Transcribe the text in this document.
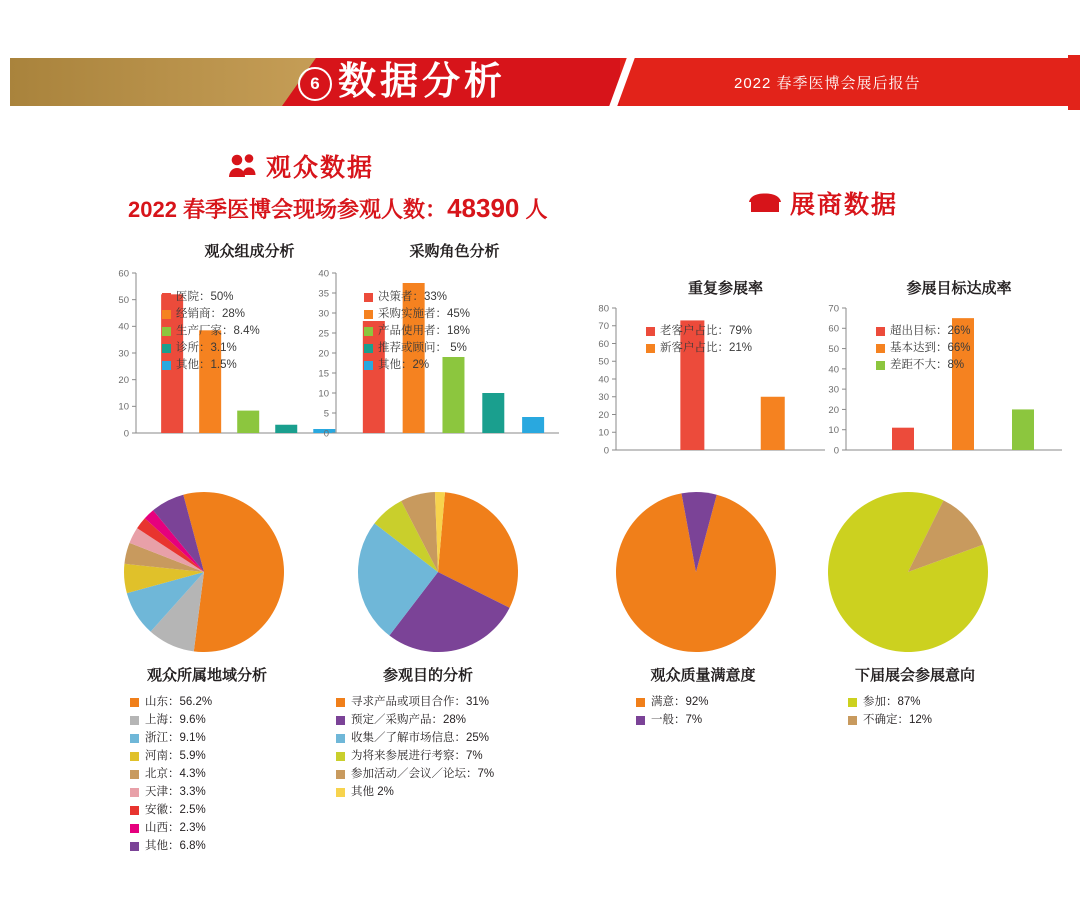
6 数据分析	2022 春季医博会展后报告
观众数据
展商数据
2022 春季医博会现场参观人数：48390 人
观众组成分析
0
10
20
30
40
50
60
医院：50%
经销商：28%
生产厂家：8.4%
诊所：3.1%
其他：1.5%
采购角色分析
0
5
10
15
20
25
30
35
40
决策者：33%
采购实施者：45%
产品使用者：18%
推荐或顾问： 5%
其他：2%
重复参展率
0
10
20
30
40
50
60
70
80
老客户占比：79%
新客户占比：21%
参展目标达成率
0
10
20
30
40
50
60
70
超出目标：26%
基本达到：66%
差距不大：8%
观众所属地域分析
山东：56.2%
上海：9.6%
浙江：9.1%
河南：5.9%
北京：4.3%
天津：3.3%
安徽：2.5%
山西：2.3%
其他：6.8%
参观目的分析
寻求产品或项目合作：31%
预定／采购产品：28%
收集／了解市场信息：25%
为将来参展进行考察：7%
参加活动／会议／论坛：7%
其他 2%
观众质量满意度
满意：92%
一般：7%
下届展会参展意向
参加：87%
不确定：12%
